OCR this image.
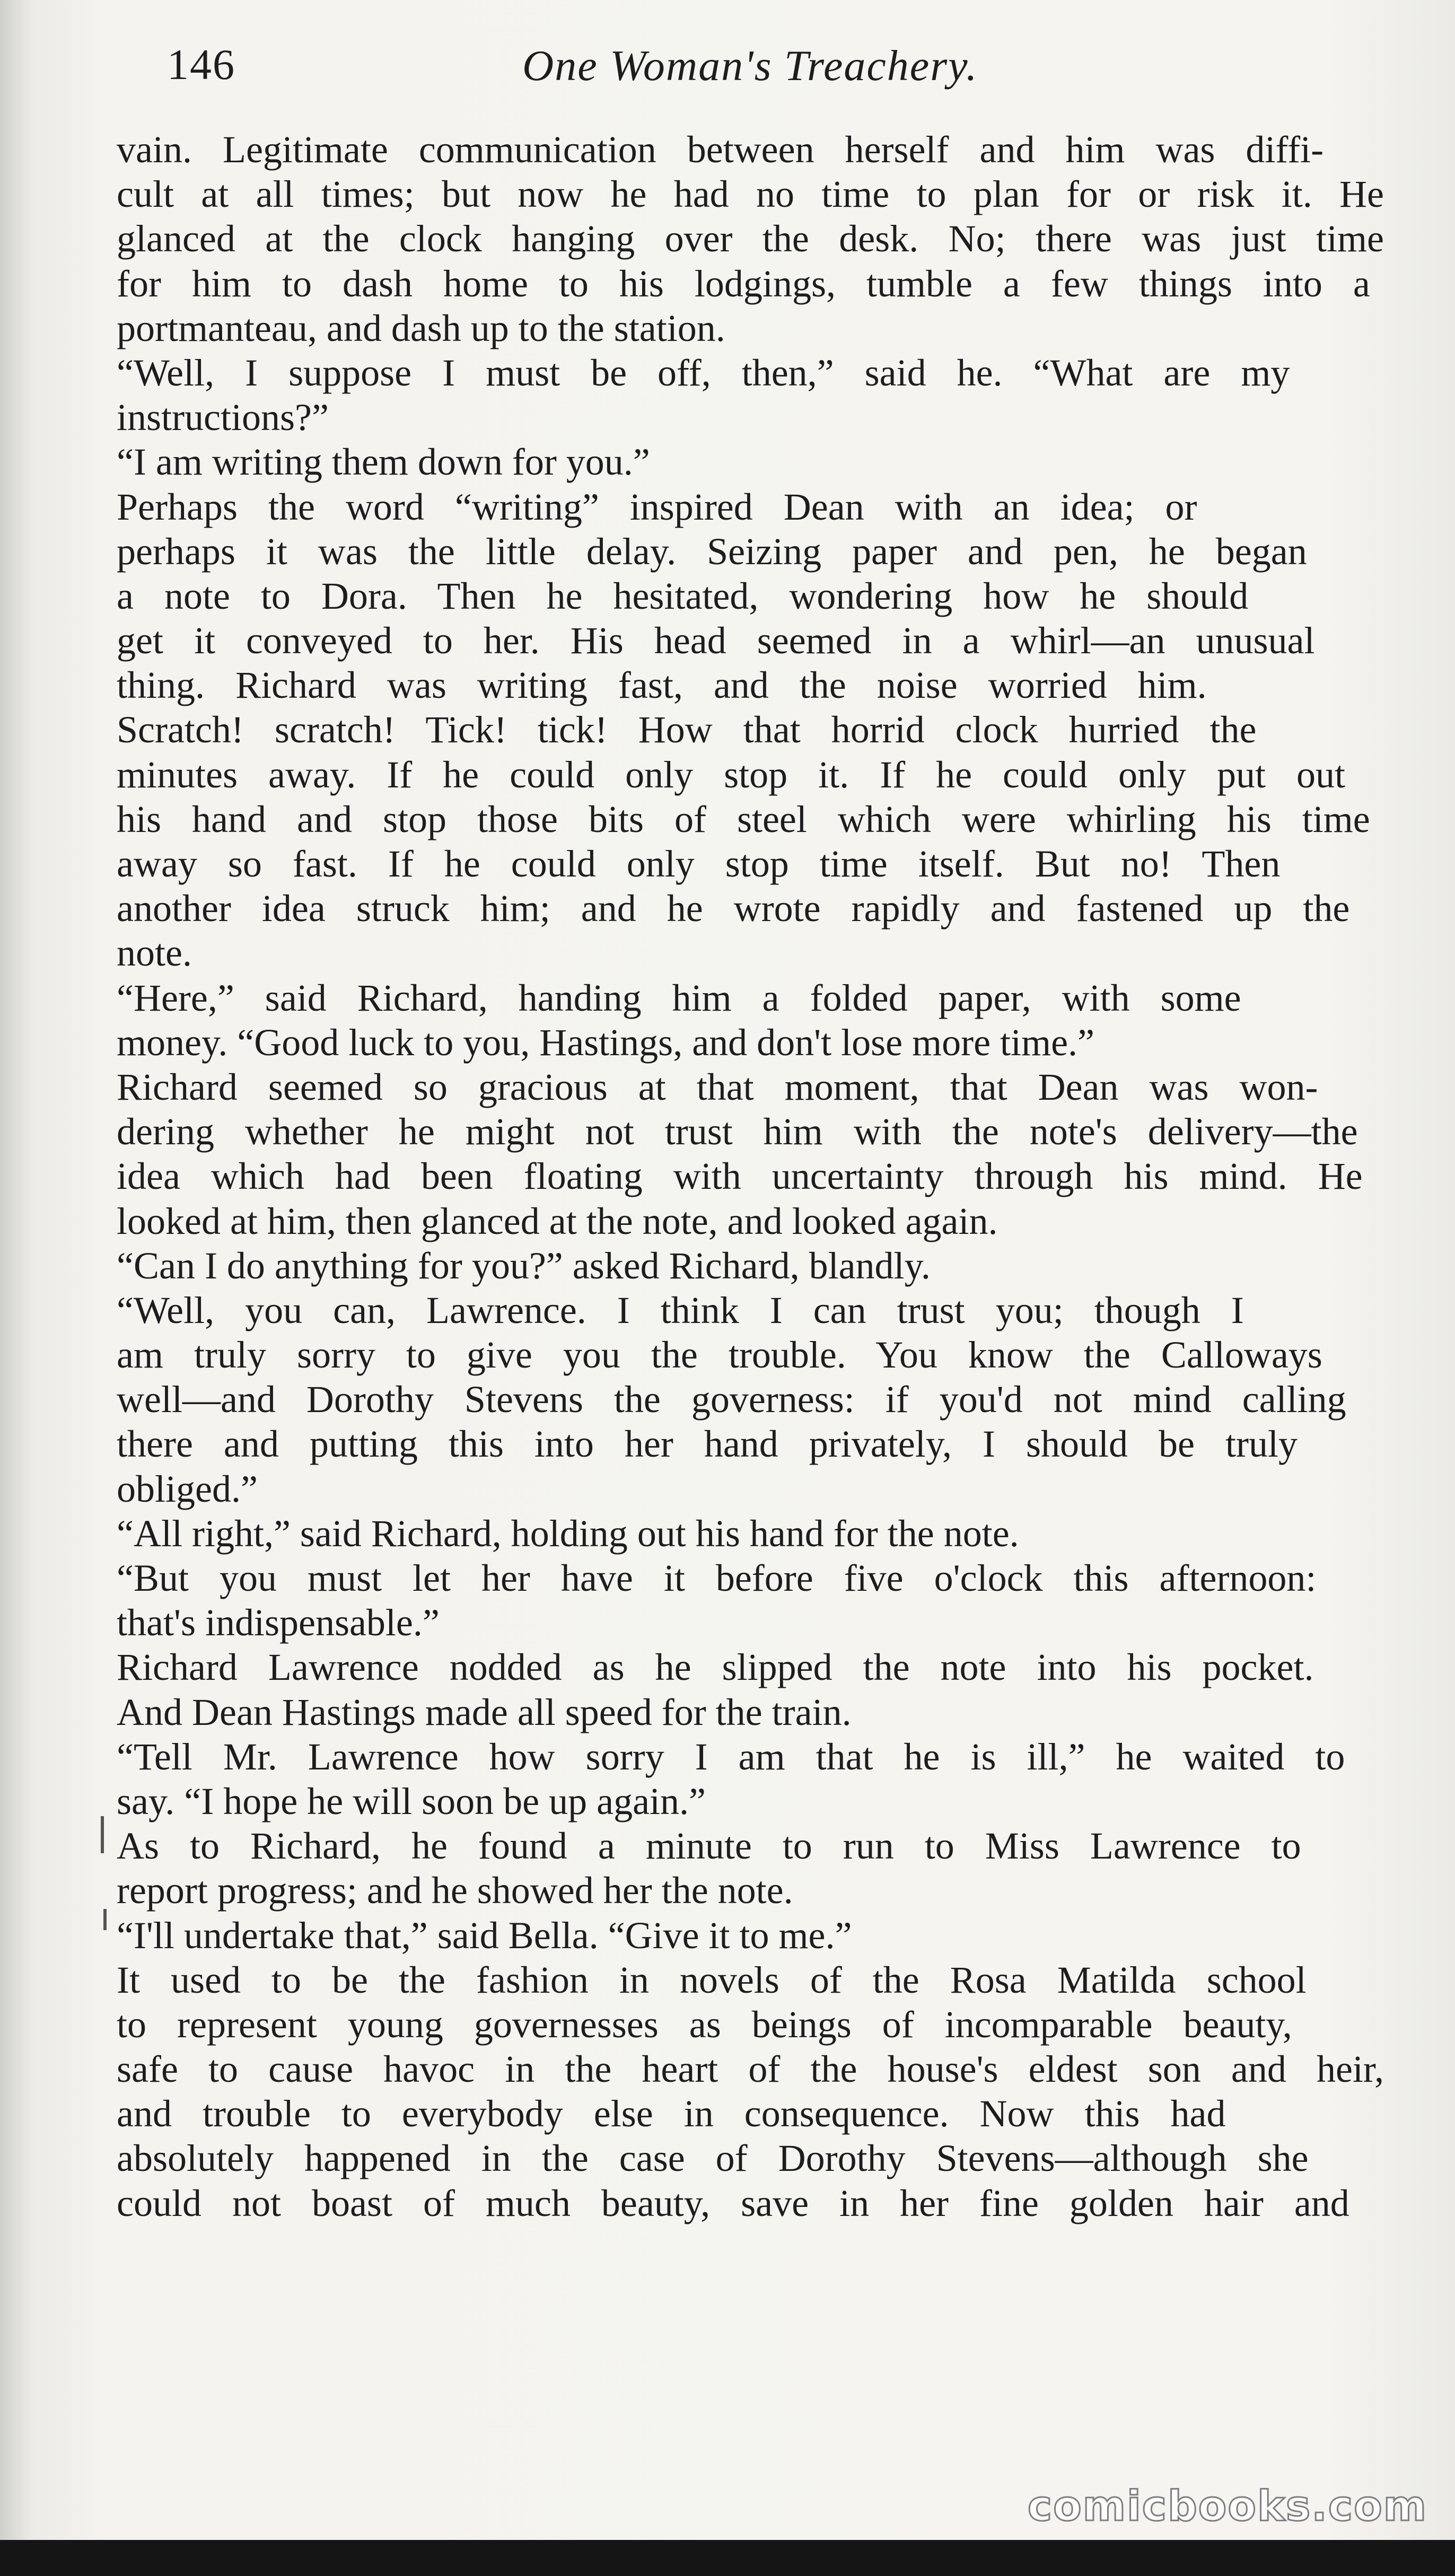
146	One Woman's Treachery.
vain. Legitimate communication between herself and him was diffi-
cult at all times; but now he had no time to plan for or risk it. He
glanced at the clock hanging over the desk. No; there was just time
for him to dash home to his lodgings, tumble a few things into a
portmanteau, and dash up to the station.
“Well, I suppose I must be off, then,” said he. “What are my
instructions?”
“I am writing them down for you.”
Perhaps the word “writing” inspired Dean with an idea; or
perhaps it was the little delay. Seizing paper and pen, he began
a note to Dora. Then he hesitated, wondering how he should
get it conveyed to her. His head seemed in a whirl—an unusual
thing. Richard was writing fast, and the noise worried him.
Scratch! scratch! Tick! tick! How that horrid clock hurried the
minutes away. If he could only stop it. If he could only put out
his hand and stop those bits of steel which were whirling his time
away so fast. If he could only stop time itself. But no! Then
another idea struck him; and he wrote rapidly and fastened up the
note.
“Here,” said Richard, handing him a folded paper, with some
money. “Good luck to you, Hastings, and don't lose more time.”
Richard seemed so gracious at that moment, that Dean was won-
dering whether he might not trust him with the note's delivery—the
idea which had been floating with uncertainty through his mind. He
looked at him, then glanced at the note, and looked again.
“Can I do anything for you?” asked Richard, blandly.
“Well, you can, Lawrence. I think I can trust you; though I
am truly sorry to give you the trouble. You know the Calloways
well—and Dorothy Stevens the governess: if you'd not mind calling
there and putting this into her hand privately, I should be truly
obliged.”
“All right,” said Richard, holding out his hand for the note.
“But you must let her have it before five o'clock this afternoon:
that's indispensable.”
Richard Lawrence nodded as he slipped the note into his pocket.
And Dean Hastings made all speed for the train.
“Tell Mr. Lawrence how sorry I am that he is ill,” he waited to
say. “I hope he will soon be up again.”
As to Richard, he found a minute to run to Miss Lawrence to
report progress; and he showed her the note.
“I'll undertake that,” said Bella. “Give it to me.”
It used to be the fashion in novels of the Rosa Matilda school
to represent young governesses as beings of incomparable beauty,
safe to cause havoc in the heart of the house's eldest son and heir,
and trouble to everybody else in consequence. Now this had
absolutely happened in the case of Dorothy Stevens—although she
could not boast of much beauty, save in her fine golden hair and
comicbooks.com
